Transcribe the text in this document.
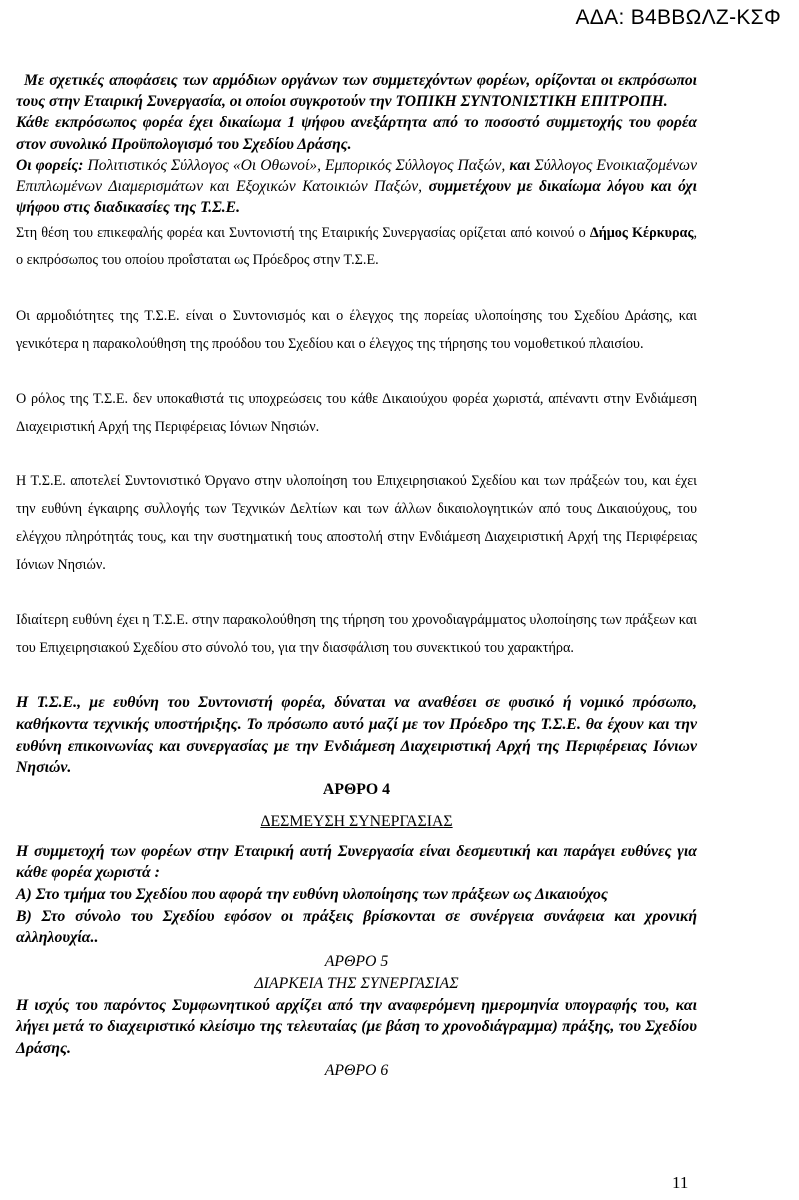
ΑΔΑ: Β4ΒΒΩΛΖ-ΚΣΦ

Με σχετικές αποφάσεις των αρμόδιων οργάνων των συμμετεχόντων φορέων, ορίζονται οι εκπρόσωποι τους στην Εταιρική Συνεργασία, οι οποίοι συγκροτούν την ΤΟΠΙΚΗ ΣΥΝΤΟΝΙΣΤΙΚΗ ΕΠΙΤΡΟΠΗ.

Κάθε εκπρόσωπος φορέα έχει δικαίωμα 1 ψήφου ανεξάρτητα από το ποσοστό συμμετοχής του φορέα στον συνολικό Προϋπολογισμό του Σχεδίου Δράσης.

Οι φορείς: Πολιτιστικός Σύλλογος «Οι Οθωνοί», Εμπορικός Σύλλογος Παξών, και Σύλλογος Ενοικιαζομένων Επιπλωμένων Διαμερισμάτων και Εξοχικών Κατοικιών Παξών, συμμετέχουν με δικαίωμα λόγου και όχι ψήφου στις διαδικασίες της Τ.Σ.Ε.

Στη θέση του επικεφαλής φορέα και Συντονιστή της Εταιρικής Συνεργασίας ορίζεται από κοινού ο Δήμος Κέρκυρας, ο εκπρόσωπος του οποίου προΐσταται ως Πρόεδρος στην Τ.Σ.Ε.

Οι αρμοδιότητες της Τ.Σ.Ε. είναι ο Συντονισμός και ο έλεγχος της πορείας υλοποίησης του Σχεδίου Δράσης, και γενικότερα η παρακολούθηση της προόδου του Σχεδίου και ο έλεγχος της τήρησης του νομοθετικού πλαισίου.

Ο ρόλος της Τ.Σ.Ε. δεν υποκαθιστά τις υποχρεώσεις του κάθε Δικαιούχου φορέα χωριστά, απέναντι στην Ενδιάμεση Διαχειριστική Αρχή της Περιφέρειας Ιόνιων Νησιών.

Η Τ.Σ.Ε. αποτελεί Συντονιστικό Όργανο στην υλοποίηση του Επιχειρησιακού Σχεδίου και των πράξεών του, και έχει την ευθύνη έγκαιρης συλλογής των Τεχνικών Δελτίων και των άλλων δικαιολογητικών από τους Δικαιούχους, του ελέγχου πληρότητάς τους, και την συστηματική τους αποστολή στην Ενδιάμεση Διαχειριστική Αρχή της Περιφέρειας Ιόνιων Νησιών.

Ιδιαίτερη ευθύνη έχει η Τ.Σ.Ε. στην παρακολούθηση της τήρηση του χρονοδιαγράμματος υλοποίησης των πράξεων και του Επιχειρησιακού Σχεδίου στο σύνολό του, για την διασφάλιση του συνεκτικού του χαρακτήρα.

Η Τ.Σ.Ε., με ευθύνη του Συντονιστή φορέα, δύναται να αναθέσει σε φυσικό ή νομικό πρόσωπο, καθήκοντα τεχνικής υποστήριξης. Το πρόσωπο αυτό μαζί με τον Πρόεδρο της Τ.Σ.Ε. θα έχουν και την ευθύνη επικοινωνίας και συνεργασίας με την Ενδιάμεση Διαχειριστική Αρχή της Περιφέρειας Ιόνιων Νησιών.

ΑΡΘΡΟ 4

ΔΕΣΜΕΥΣΗ ΣΥΝΕΡΓΑΣΙΑΣ

Η συμμετοχή των φορέων στην Εταιρική αυτή Συνεργασία είναι δεσμευτική και παράγει ευθύνες για κάθε φορέα χωριστά :

Α) Στο τμήμα του Σχεδίου που αφορά την ευθύνη υλοποίησης των πράξεων ως Δικαιούχος

Β) Στο σύνολο του Σχεδίου εφόσον οι πράξεις βρίσκονται σε συνέργεια συνάφεια και χρονική αλληλουχία..

ΑΡΘΡΟ 5

ΔΙΑΡΚΕΙΑ ΤΗΣ ΣΥΝΕΡΓΑΣΙΑΣ

Η ισχύς του παρόντος Συμφωνητικού αρχίζει από την αναφερόμενη ημερομηνία υπογραφής του, και λήγει μετά το διαχειριστικό κλείσιμο της τελευταίας (με βάση το χρονοδιάγραμμα) πράξης, του Σχεδίου Δράσης.

ΑΡΘΡΟ 6

11
